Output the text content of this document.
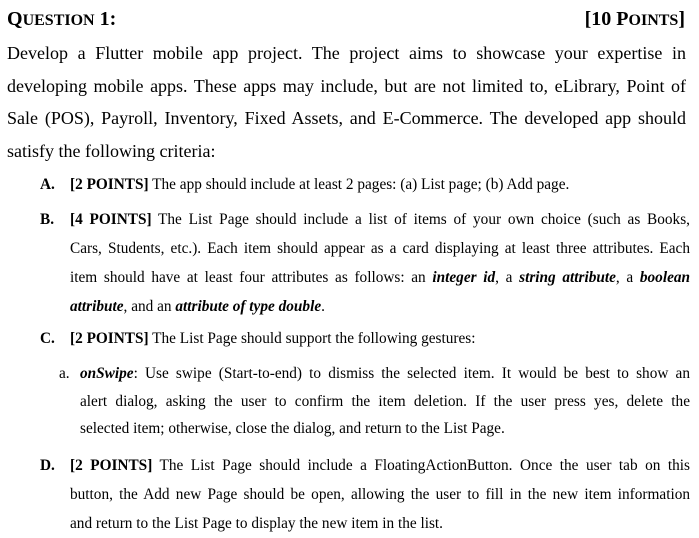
QUESTION 1:	[10 POINTS]
Develop a Flutter mobile app project. The project aims to showcase your expertise in
developing mobile apps. These apps may include, but are not limited to, eLibrary, Point of
Sale (POS), Payroll, Inventory, Fixed Assets, and E-Commerce. The developed app should
satisfy the following criteria:
A. [2 POINTS] The app should include at least 2 pages: (a) List page; (b) Add page.
B. [4 POINTS] The List Page should include a list of items of your own choice (such as Books,
Cars, Students, etc.). Each item should appear as a card displaying at least three attributes. Each
item should have at least four attributes as follows: an integer id, a string attribute, a boolean
attribute, and an attribute of type double.
C. [2 POINTS] The List Page should support the following gestures:
a. onSwipe: Use swipe (Start-to-end) to dismiss the selected item. It would be best to show an
alert dialog, asking the user to confirm the item deletion. If the user press yes, delete the
selected item; otherwise, close the dialog, and return to the List Page.
D. [2 POINTS] The List Page should include a FloatingActionButton. Once the user tab on this
button, the Add new Page should be open, allowing the user to fill in the new item information
and return to the List Page to display the new item in the list.
